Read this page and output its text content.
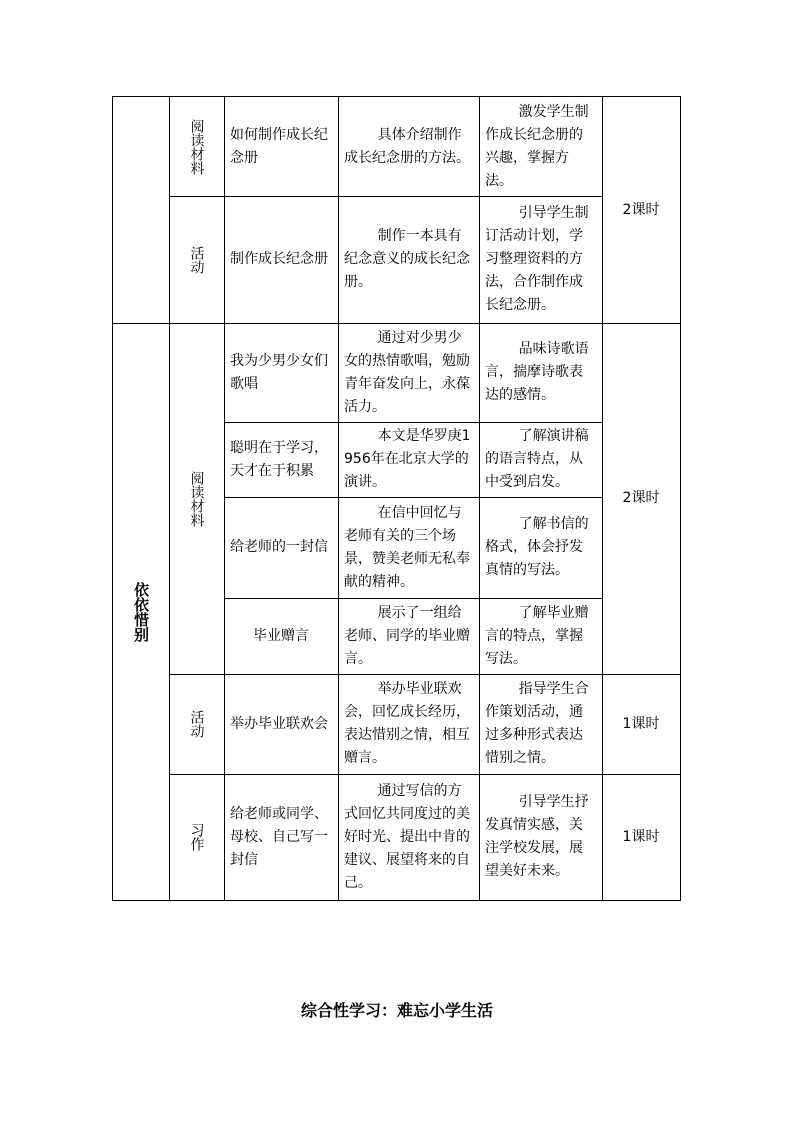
依依惜别
阅读材料
活动
阅读材料
活动
习作
如何制作成长纪念册
制作成长纪念册
我为少男少女们歌唱
聪明在于学习，天才在于积累
给老师的一封信
毕业赠言
举办毕业联欢会
给老师或同学、母校、自己写一封信
具体介绍制作成长纪念册的方法。
制作一本具有纪念意义的成长纪念册。
通过对少男少女的热情歌唱，勉励青年奋发向上，永葆活力。
本文是华罗庚1956年在北京大学的演讲。
在信中回忆与老师有关的三个场景，赞美老师无私奉献的精神。
展示了一组给老师、同学的毕业赠言。
举办毕业联欢会，回忆成长经历，表达惜别之情，相互赠言。
通过写信的方式回忆共同度过的美好时光、提出中肯的建议、展望将来的自己。
激发学生制作成长纪念册的兴趣，掌握方法。
引导学生制订活动计划，学习整理资料的方法，合作制作成长纪念册。
品味诗歌语言，揣摩诗歌表达的感情。
了解演讲稿的语言特点，从中受到启发。
了解书信的格式，体会抒发真情的写法。
了解毕业赠言的特点，掌握写法。
指导学生合作策划活动，通过多种形式表达惜别之情。
引导学生抒发真情实感，关注学校发展，展望美好未来。
2课时
2课时
1课时
1课时
综合性学习：难忘小学生活
